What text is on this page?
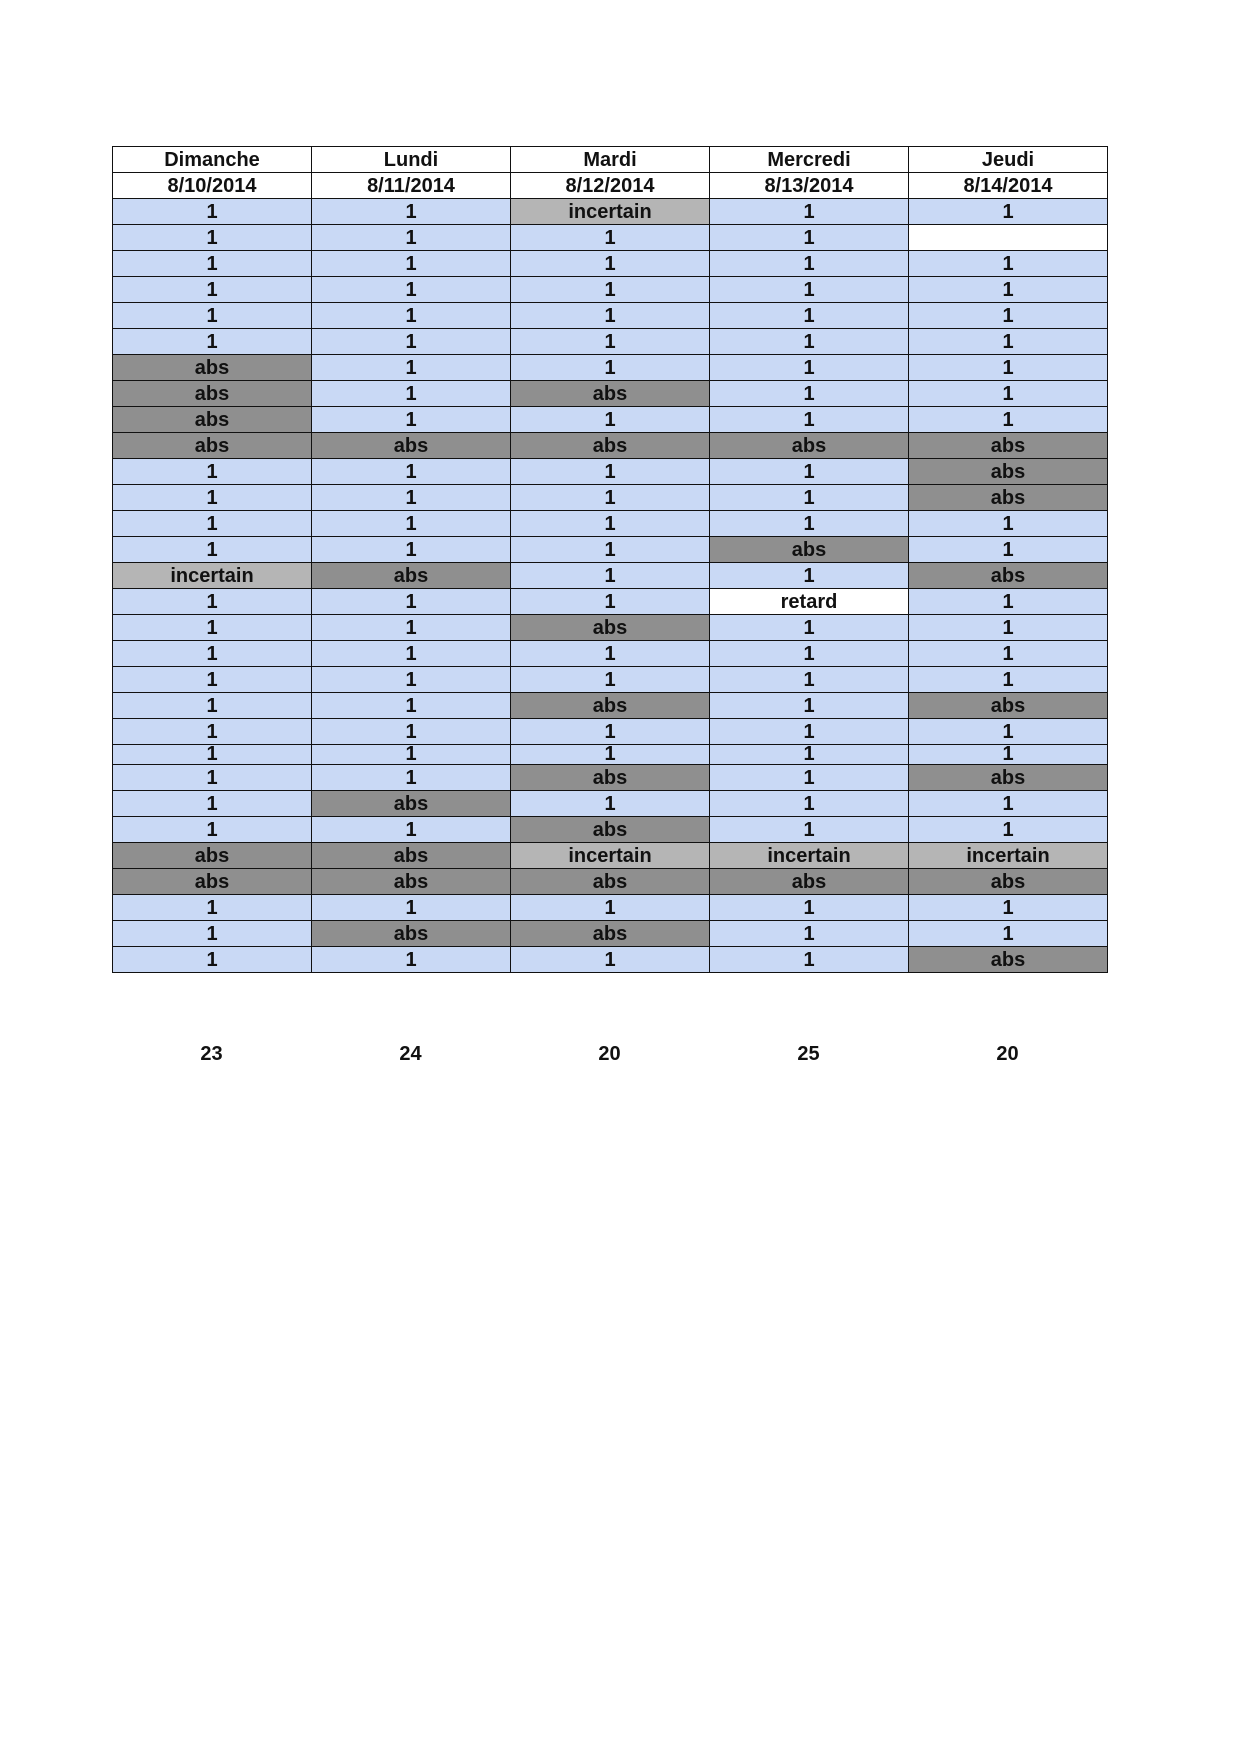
Dimanche	Lundi	Mardi	Mercredi	Jeudi
8/10/2014	8/11/2014	8/12/2014	8/13/2014	8/14/2014
1	1	incertain	1	1
1	1	1	1	
1	1	1	1	1
1	1	1	1	1
1	1	1	1	1
1	1	1	1	1
abs	1	1	1	1
abs	1	abs	1	1
abs	1	1	1	1
abs	abs	abs	abs	abs
1	1	1	1	abs
1	1	1	1	abs
1	1	1	1	1
1	1	1	abs	1
incertain	abs	1	1	abs
1	1	1	retard	1
1	1	abs	1	1
1	1	1	1	1
1	1	1	1	1
1	1	abs	1	abs
1	1	1	1	1
1	1	1	1	1
1	1	abs	1	abs
1	abs	1	1	1
1	1	abs	1	1
abs	abs	incertain	incertain	incertain
abs	abs	abs	abs	abs
1	1	1	1	1
1	abs	abs	1	1
1	1	1	1	abs
23	24	20	25	20
